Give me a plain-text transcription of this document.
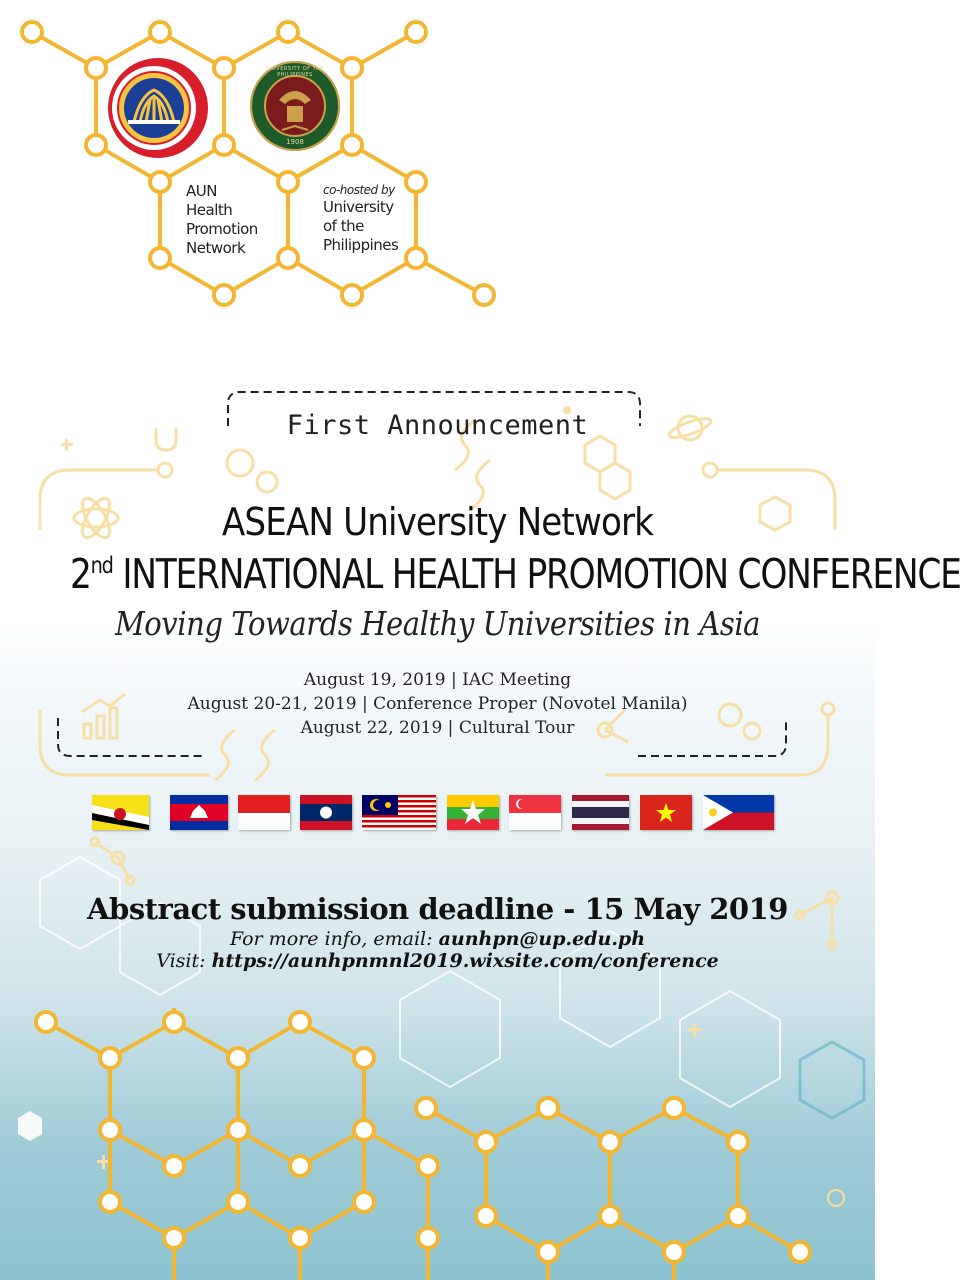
UNIVERSITY OF THE PHILIPPINES
1908
AUN
Health
Promotion
Network
co-hosted by
University
of the
Philippines
First Announcement
ASEAN University Network
2nd INTERNATIONAL HEALTH PROMOTION CONFERENCE
Moving Towards Healthy Universities in Asia
August 19, 2019 | IAC Meeting
August 20-21, 2019 | Conference Proper (Novotel Manila)
August 22, 2019 | Cultural Tour
Abstract submission deadline - 15 May 2019
For more info, email: aunhpn@up.edu.ph
Visit: https://aunhpnmnl2019.wixsite.com/conference
